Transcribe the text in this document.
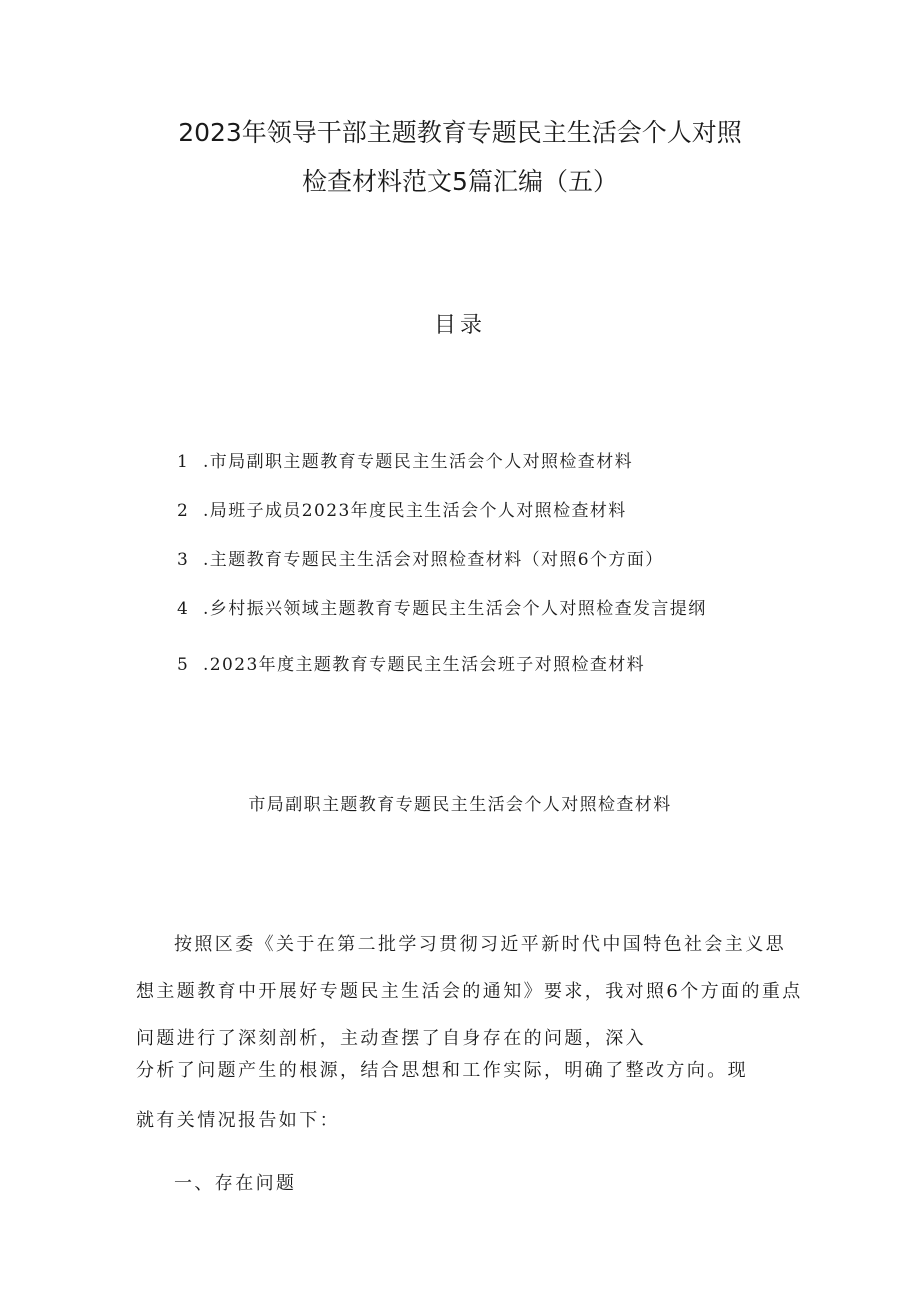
2023年领导干部主题教育专题民主生活会个人对照
检查材料范文5篇汇编（五）
目录
1 .市局副职主题教育专题民主生活会个人对照检查材料
2 .局班子成员2023年度民主生活会个人对照检查材料
3 .主题教育专题民主生活会对照检查材料（对照6个方面）
4 .乡村振兴领域主题教育专题民主生活会个人对照检查发言提纲
5 .2023年度主题教育专题民主生活会班子对照检查材料
市局副职主题教育专题民主生活会个人对照检查材料
按照区委《关于在第二批学习贯彻习近平新时代中国特色社会主义思
想主题教育中开展好专题民主生活会的通知》要求，我对照6个方面的重点
问题进行了深刻剖析，主动查摆了自身存在的问题，深入
分析了问题产生的根源，结合思想和工作实际，明确了整改方向。现
就有关情况报告如下：
一、存在问题
